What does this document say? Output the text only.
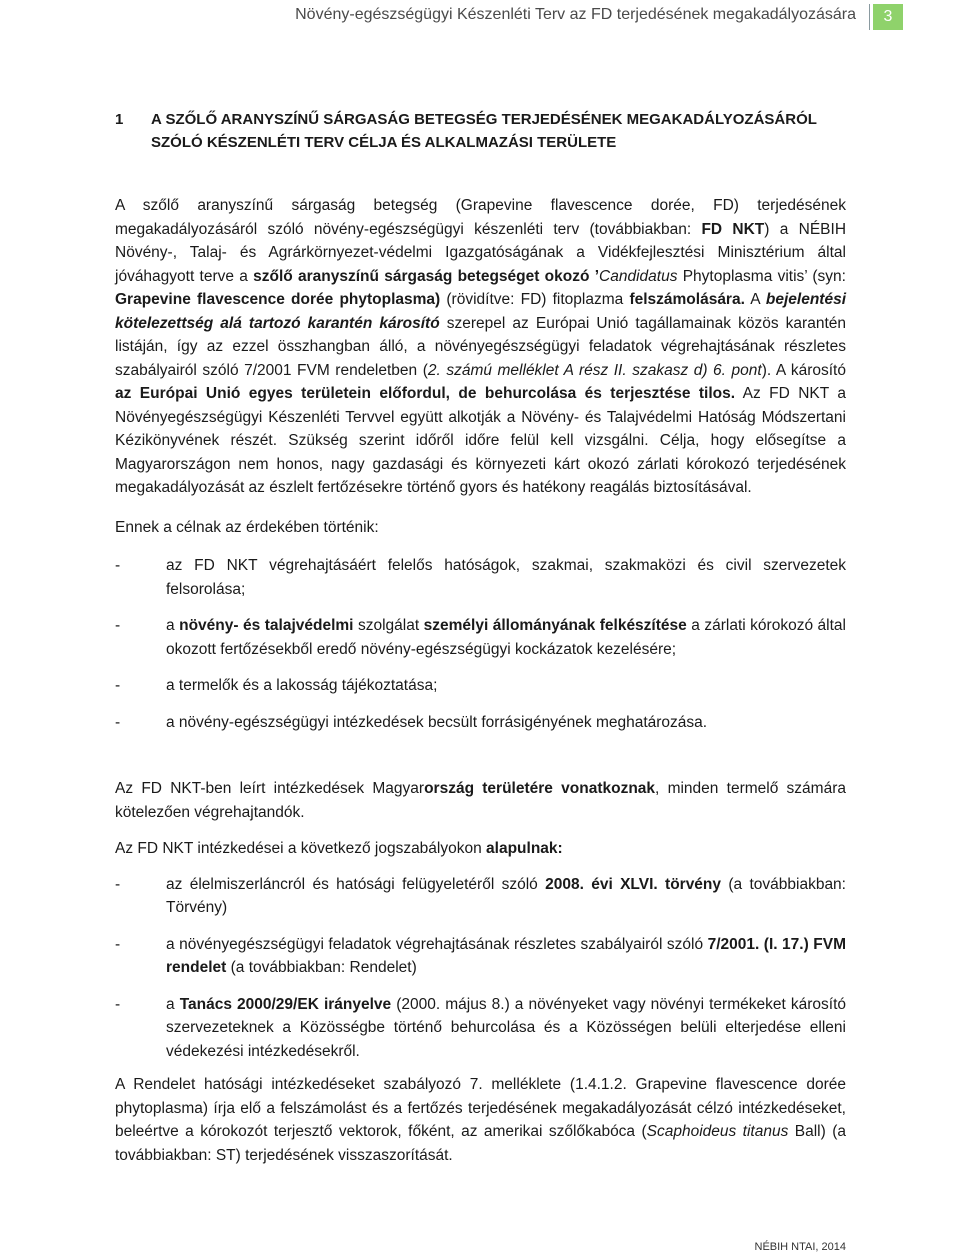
Növény-egészségügyi Készenléti Terv az FD terjedésének megakadályozására	3
1	A SZŐLŐ ARANYSZÍNŰ SÁRGASÁG BETEGSÉG TERJEDÉSÉNEK MEGAKADÁLYOZÁSÁRÓL SZÓLÓ KÉSZENLÉTI TERV CÉLJA ÉS ALKALMAZÁSI TERÜLETE

A szőlő aranyszínű sárgaság betegség (Grapevine flavescence dorée, FD) terjedésének megakadályozásáról szóló növény-egészségügyi készenléti terv (továbbiakban: FD NKT) a NÉBIH Növény-, Talaj- és Agrárkörnyezet-védelmi Igazgatóságának a Vidékfejlesztési Minisztérium által jóváhagyott terve a szőlő aranyszínű sárgaság betegséget okozó ’Candidatus Phytoplasma vitis’ (syn: Grapevine flavescence dorée phytoplasma) (rövidítve: FD) fitoplazma felszámolására. A bejelentési kötelezettség alá tartozó karantén károsító szerepel az Európai Unió tagállamainak közös karantén listáján, így az ezzel összhangban álló, a növényegészségügyi feladatok végrehajtásának részletes szabályairól szóló 7/2001 FVM rendeletben (2. számú melléklet A rész II. szakasz d) 6. pont). A károsító az Európai Unió egyes területein előfordul, de behurcolása és terjesztése tilos. Az FD NKT a Növényegészségügyi Készenléti Tervvel együtt alkotják a Növény- és Talajvédelmi Hatóság Módszertani Kézikönyvének részét. Szükség szerint időről időre felül kell vizsgálni. Célja, hogy elősegítse a Magyarországon nem honos, nagy gazdasági és környezeti kárt okozó zárlati kórokozó terjedésének megakadályozását az észlelt fertőzésekre történő gyors és hatékony reagálás biztosításával.

Ennek a célnak az érdekében történik:

-	az FD NKT végrehajtásáért felelős hatóságok, szakmai, szakmaközi és civil szervezetek felsorolása;
-	a növény- és talajvédelmi szolgálat személyi állományának felkészítése a zárlati kórokozó által okozott fertőzésekből eredő növény-egészségügyi kockázatok kezelésére;
-	a termelők és a lakosság tájékoztatása;
-	a növény-egészségügyi intézkedések becsült forrásigényének meghatározása.

Az FD NKT-ben leírt intézkedések Magyarország területére vonatkoznak, minden termelő számára kötelezően végrehajtandók.

Az FD NKT intézkedései a következő jogszabályokon alapulnak:

-	az élelmiszerláncról és hatósági felügyeletéről szóló 2008. évi XLVI. törvény (a továbbiakban: Törvény)
-	a növényegészségügyi feladatok végrehajtásának részletes szabályairól szóló 7/2001. (I. 17.) FVM rendelet (a továbbiakban: Rendelet)
-	a Tanács 2000/29/EK irányelve (2000. május 8.) a növényeket vagy növényi termékeket károsító szervezeteknek a Közösségbe történő behurcolása és a Közösségen belüli elterjedése elleni védekezési intézkedésekről.

A Rendelet hatósági intézkedéseket szabályozó 7. melléklete (1.4.1.2. Grapevine flavescence dorée phytoplasma) írja elő a felszámolást és a fertőzés terjedésének megakadályozását célzó intézkedéseket, beleértve a kórokozót terjesztő vektorok, főként, az amerikai szőlőkabóca (Scaphoideus titanus Ball) (a továbbiakban: ST) terjedésének visszaszorítását.

NÉBIH NTAI, 2014
